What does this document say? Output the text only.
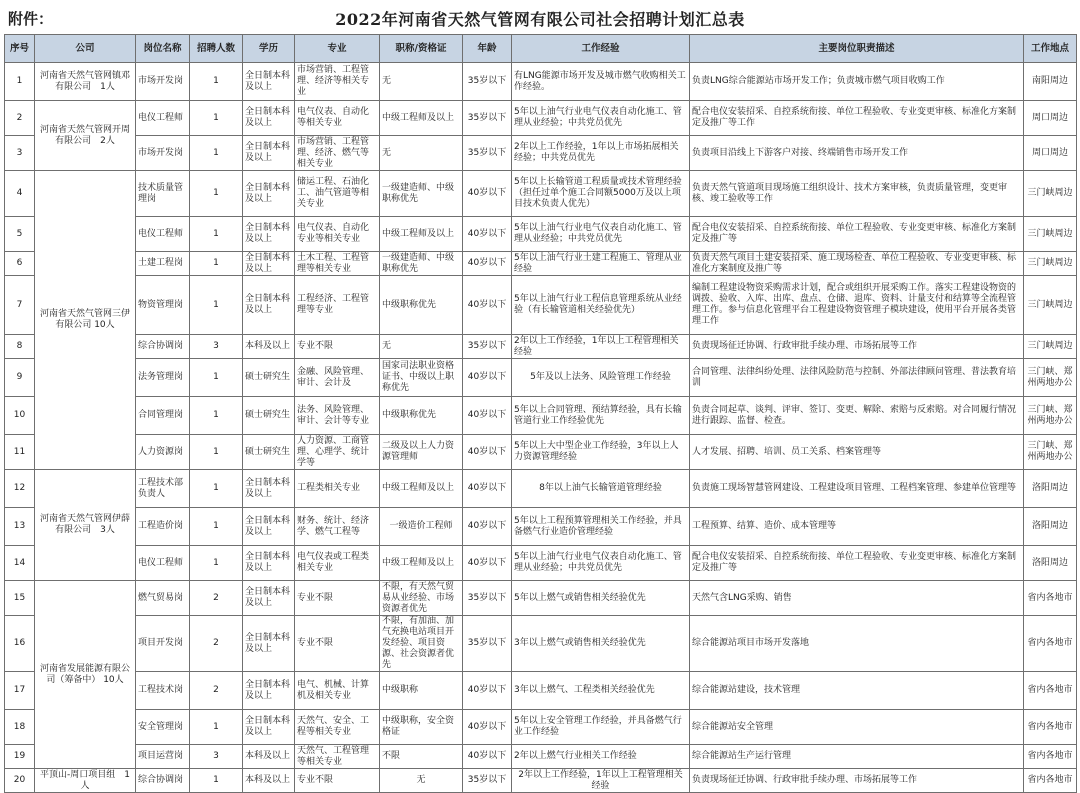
附件：	2022年河南省天然气管网有限公司社会招聘计划汇总表
序号	公司	岗位名称	招聘人数	学历	专业	职称/资格证	年龄	工作经验	主要岗位职责描述	工作地点
1	河南省天然气管网镇邓有限公司　1人	市场开发岗	1	全日制本科及以上	市场营销、工程管理、经济等相关专业	无	35岁以下	有LNG能源市场开发及城市燃气收购相关工作经验。	负责LNG综合能源站市场开发工作；负责城市燃气项目收购工作	南阳周边
2	河南省天然气管网开周有限公司　2人	电仪工程师	1	全日制本科及以上	电气仪表、自动化等相关专业	中级工程师及以上	35岁以下	5年以上油气行业电气仪表自动化施工、管理从业经验；中共党员优先	配合电仪安装招采、自控系统衔接、单位工程验收、专业变更审核、标准化方案制定及推广等工作	周口周边
3		市场开发岗	1	全日制本科及以上	市场营销、工程管理、经济、燃气等相关专业	无	35岁以下	2年以上工作经验，1年以上市场拓展相关经验；中共党员优先	负责项目沿线上下游客户对接、终端销售市场开发工作	周口周边
4	河南省天然气管网三伊有限公司 10人	技术质量管理岗	1	全日制本科及以上	储运工程、石油化工、油气管道等相关专业	一级建造师、中级职称优先	40岁以下	5年以上长输管道工程质量或技术管理经验（担任过单个施工合同额5000万及以上项目技术负责人优先）	负责天然气管道项目现场施工组织设计、技术方案审核，负责质量管理，变更审核、竣工验收等工作	三门峡周边
5		电仪工程师	1	全日制本科及以上	电气仪表、自动化专业等相关专业	中级工程师及以上	40岁以下	5年以上油气行业电气仪表自动化施工、管理从业经验；中共党员优先	配合电仪安装招采、自控系统衔接、单位工程验收、专业变更审核、标准化方案制定及推广等	三门峡周边
6		土建工程岗	1	全日制本科及以上	土木工程、工程管理等相关专业	一级建造师、中级职称优先	40岁以下	5年以上油气行业土建工程施工、管理从业经验	负责天然气项目土建安装招采、施工现场检查、单位工程验收、专业变更审核、标准化方案制度及推广等	三门峡周边
7		物资管理岗	1	全日制本科及以上	工程经济、工程管理等专业	中级职称优先	40岁以下	5年以上油气行业工程信息管理系统从业经验（有长输管道相关经验优先）	编制工程建设物资采购需求计划，配合或组织开展采购工作。落实工程建设物资的调拨、验收、入库、出库、盘点、仓储、退库、资料、计量支付和结算等全流程管理工作。参与信息化管理平台工程建设物资管理子模块建设，使用平台开展各类管理工作	三门峡周边
8		综合协调岗	3	本科及以上	专业不限	无	35岁以下	2年以上工作经验，1年以上工程管理相关经验	负责现场征迁协调、行政审批手续办理、市场拓展等工作	三门峡周边
9		法务管理岗	1	硕士研究生	金融、风险管理、审计、会计及	国家司法职业资格证书、中级以上职称优先	40岁以下	5年及以上法务、风险管理工作经验	合同管理、法律纠纷处理、法律风险防范与控制、外部法律顾问管理、普法教育培训	三门峡、郑州两地办公
10		合同管理岗	1	硕士研究生	法务、风险管理、审计、会计等专业	中级职称优先	40岁以下	5年以上合同管理、预结算经验，具有长输管道行业工作经验优先	负责合同起草、谈判、评审、签订、变更、解除、索赔与反索赔。对合同履行情况进行跟踪、监督、检查。	三门峡、郑州两地办公
11		人力资源岗	1	硕士研究生	人力资源、工商管理、心理学、统计学等	二级及以上人力资源管理师	40岁以下	5年以上大中型企业工作经验，3年以上人力资源管理经验	人才发展、招聘、培训、员工关系、档案管理等	三门峡、郑州两地办公
12	河南省天然气管网伊薛有限公司　3人	工程技术部负责人	1	全日制本科及以上	工程类相关专业	中级工程师及以上	40岁以下	8年以上油气长输管道管理经验	负责施工现场智慧管网建设、工程建设项目管理、工程档案管理、参建单位管理等	洛阳周边
13		工程造价岗	1	全日制本科及以上	财务、统计、经济学、燃气工程等	一级造价工程师	40岁以下	5年以上工程预算管理相关工作经验，并具备燃气行业造价管理经验	工程预算、结算、造价、成本管理等	洛阳周边
14		电仪工程师	1	全日制本科及以上	电气仪表或工程类相关专业	中级工程师及以上	40岁以下	5年以上油气行业电气仪表自动化施工、管理从业经验；中共党员优先	配合电仪安装招采、自控系统衔接、单位工程验收、专业变更审核、标准化方案制定及推广等	洛阳周边
15	河南省发展能源有限公司（筹备中） 10人	燃气贸易岗	2	全日制本科及以上	专业不限	不限，有天然气贸易从业经验、市场资源者优先	35岁以下	5年以上燃气或销售相关经验优先	天然气含LNG采购、销售	省内各地市
16		项目开发岗	2	全日制本科及以上	专业不限	不限，有加油、加气充换电站项目开发经验、项目资源、社会资源者优先	35岁以下	3年以上燃气或销售相关经验优先	综合能源站项目市场开发落地	省内各地市
17		工程技术岗	2	全日制本科及以上	电气、机械、计算机及相关专业	中级职称	40岁以下	3年以上燃气、工程类相关经验优先	综合能源站建设，技术管理	省内各地市
18		安全管理岗	1	全日制本科及以上	天然气、安全、工程等相关专业	中级职称，安全资格证	40岁以下	5年以上安全管理工作经验，并具备燃气行业工作经验	综合能源站安全管理	省内各地市
19		项目运营岗	3	本科及以上	天然气、工程管理等相关专业	不限	40岁以下	2年以上燃气行业相关工作经验	综合能源站生产运行管理	省内各地市
20	平顶山-周口项目组　1人	综合协调岗	1	本科及以上	专业不限	无	35岁以下	2年以上工作经验，1年以上工程管理相关经验	负责现场征迁协调、行政审批手续办理、市场拓展等工作	省内各地市
